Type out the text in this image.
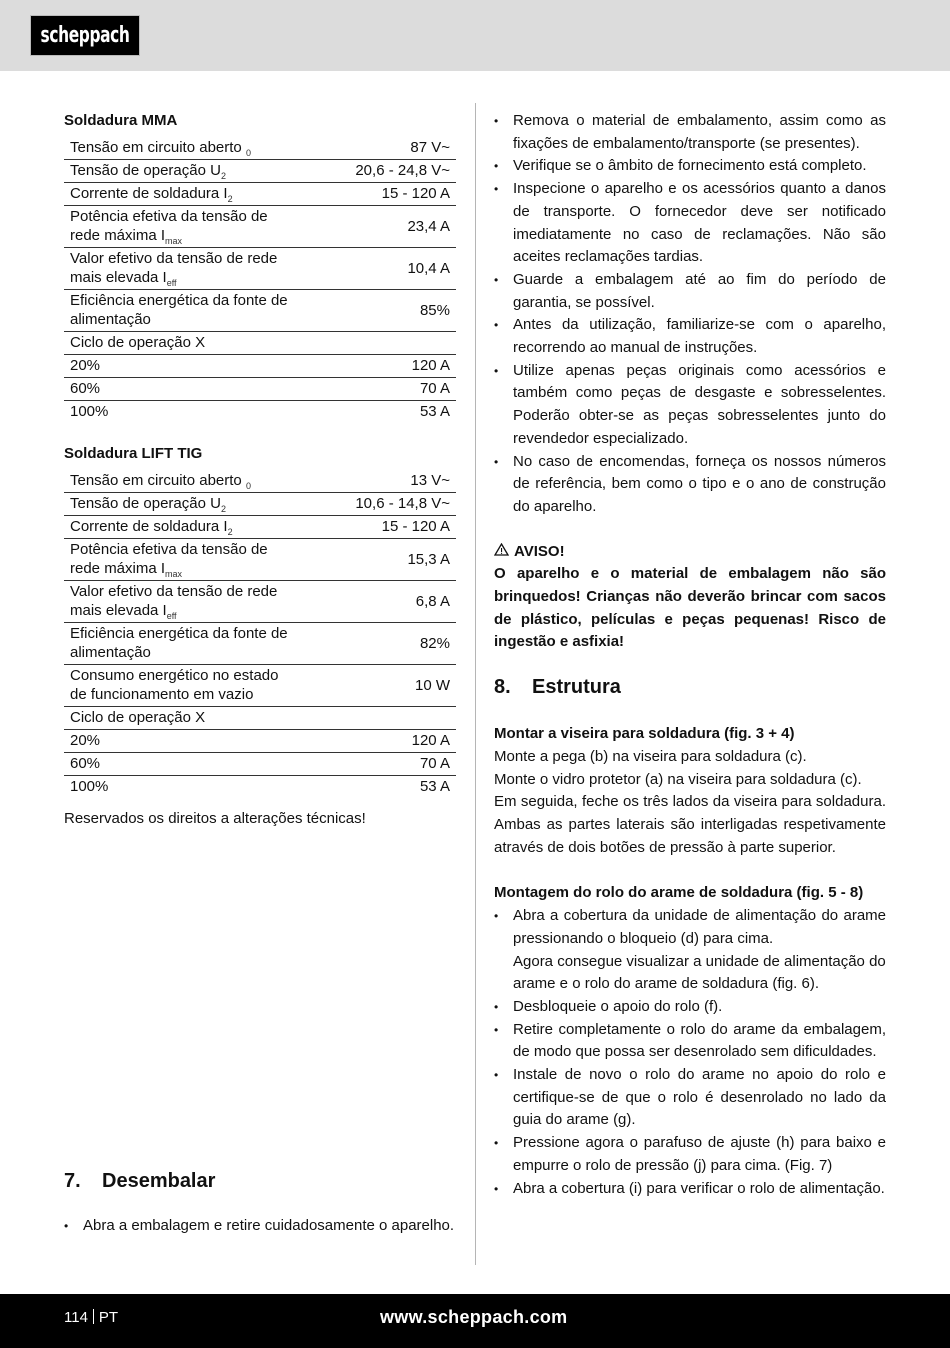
scheppach
Soldadura MMA
Tensão em circuito aberto $_0$	87 V~
Tensão de operação $U_2$	20,6 - 24,8 V~
Corrente de soldadura $I_2$	15 - 120 A
Potência efetiva da tensão de rede máxima $I_{max}$	23,4 A
Valor efetivo da tensão de rede mais elevada $I_{eff}$	10,4 A
Eficiência energética da fonte de alimentação	85%
Ciclo de operação X	
20%	120 A
60%	70 A
100%	53 A
Soldadura LIFT TIG
Tensão em circuito aberto $_0$	13 V~
Tensão de operação $U_2$	10,6 - 14,8 V~
Corrente de soldadura $I_2$	15 - 120 A
Potência efetiva da tensão de rede máxima $I_{max}$	15,3 A
Valor efetivo da tensão de rede mais elevada $I_{eff}$	6,8 A
Eficiência energética da fonte de alimentação	82%
Consumo energético no estado de funcionamento em vazio	10 W
Ciclo de operação X	
20%	120 A
60%	70 A
100%	53 A
Reservados os direitos a alterações técnicas!
7.	Desembalar
• Abra a embalagem e retire cuidadosamente o aparelho.
• Remova o material de embalamento, assim como as fixações de embalamento/transporte (se presentes).
• Verifique se o âmbito de fornecimento está completo.
• Inspecione o aparelho e os acessórios quanto a danos de transporte. O fornecedor deve ser notificado imediatamente no caso de reclamações. Não são aceites reclamações tardias.
• Guarde a embalagem até ao fim do período de garantia, se possível.
• Antes da utilização, familiarize-se com o aparelho, recorrendo ao manual de instruções.
• Utilize apenas peças originais como acessórios e também como peças de desgaste e sobresselentes. Poderão obter-se as peças sobresselentes junto do revendedor especializado.
• No caso de encomendas, forneça os nossos números de referência, bem como o tipo e o ano de construção do aparelho.
AVISO!

O aparelho e o material de embalagem não são brinquedos! Crianças não deverão brincar com sacos de plástico, películas e peças pequenas! Risco de ingestão e asfixia!

8.	Estrutura

Montar a viseira para soldadura (fig. 3 + 4)

Monte a pega (b) na viseira para soldadura (c).

Monte o vidro protetor (a) na viseira para soldadura (c).

Em seguida, feche os três lados da viseira para soldadura. Ambas as partes laterais são interligadas respetivamente através de dois botões de pressão à parte superior.

Montagem do rolo do arame de soldadura (fig. 5 - 8)

• Abra a cobertura da unidade de alimentação do arame pressionando o bloqueio (d) para cima.
Agora consegue visualizar a unidade de alimentação do arame e o rolo do arame de soldadura (fig. 6).
• Desbloqueie o apoio do rolo (f).
• Retire completamente o rolo do arame da embalagem, de modo que possa ser desenrolado sem dificuldades.
• Instale de novo o rolo do arame no apoio do rolo e certifique-se de que o rolo é desenrolado no lado da guia do arame (g).
• Pressione agora o parafuso de ajuste (h) para baixo e empurre o rolo de pressão (j) para cima. (Fig. 7)
• Abra a cobertura (i) para verificar o rolo de alimentação.
114 PT	www.scheppach.com
